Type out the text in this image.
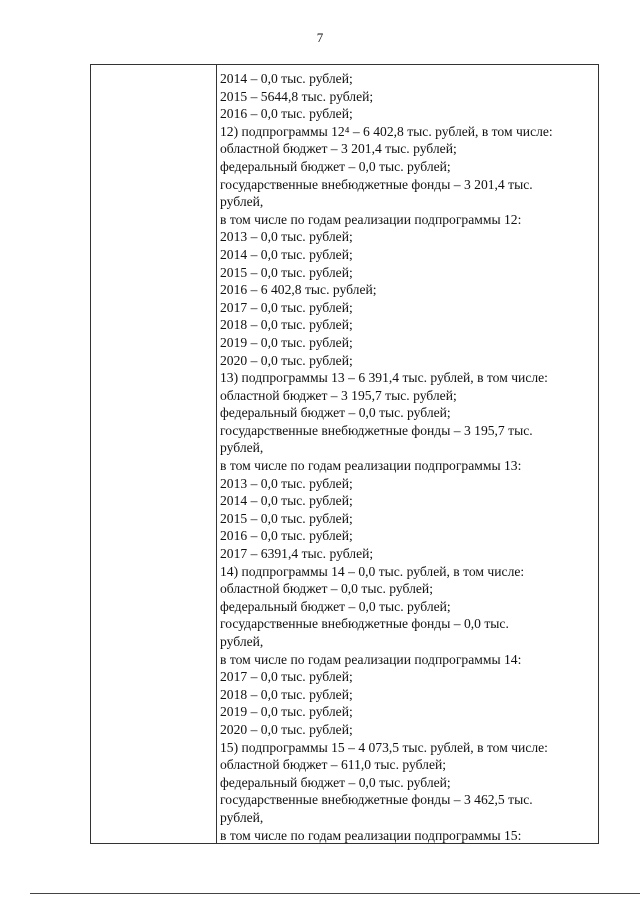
7
2014 – 0,0 тыс. рублей;
2015 – 5644,8 тыс. рублей;
2016 – 0,0 тыс. рублей;
12) подпрограммы 12⁴ – 6 402,8 тыс. рублей, в том числе:
областной бюджет – 3 201,4 тыс. рублей;
федеральный бюджет – 0,0 тыс. рублей;
государственные внебюджетные фонды – 3 201,4 тыс.
рублей,
в том числе по годам реализации подпрограммы 12:
2013 – 0,0 тыс. рублей;
2014 – 0,0 тыс. рублей;
2015 – 0,0 тыс. рублей;
2016 – 6 402,8 тыс. рублей;
2017 – 0,0 тыс. рублей;
2018 – 0,0 тыс. рублей;
2019 – 0,0 тыс. рублей;
2020 – 0,0 тыс. рублей;
13) подпрограммы 13 – 6 391,4 тыс. рублей, в том числе:
областной бюджет – 3 195,7 тыс. рублей;
федеральный бюджет – 0,0 тыс. рублей;
государственные внебюджетные фонды – 3 195,7 тыс.
рублей,
в том числе по годам реализации подпрограммы 13:
2013 – 0,0 тыс. рублей;
2014 – 0,0 тыс. рублей;
2015 – 0,0 тыс. рублей;
2016 – 0,0 тыс. рублей;
2017 – 6391,4 тыс. рублей;
14) подпрограммы 14 – 0,0 тыс. рублей, в том числе:
областной бюджет – 0,0 тыс. рублей;
федеральный бюджет – 0,0 тыс. рублей;
государственные внебюджетные фонды – 0,0 тыс.
рублей,
в том числе по годам реализации подпрограммы 14:
2017 – 0,0 тыс. рублей;
2018 – 0,0 тыс. рублей;
2019 – 0,0 тыс. рублей;
2020 – 0,0 тыс. рублей;
15) подпрограммы 15 – 4 073,5 тыс. рублей, в том числе:
областной бюджет – 611,0 тыс. рублей;
федеральный бюджет – 0,0 тыс. рублей;
государственные внебюджетные фонды – 3 462,5 тыс.
рублей,
в том числе по годам реализации подпрограммы 15:
